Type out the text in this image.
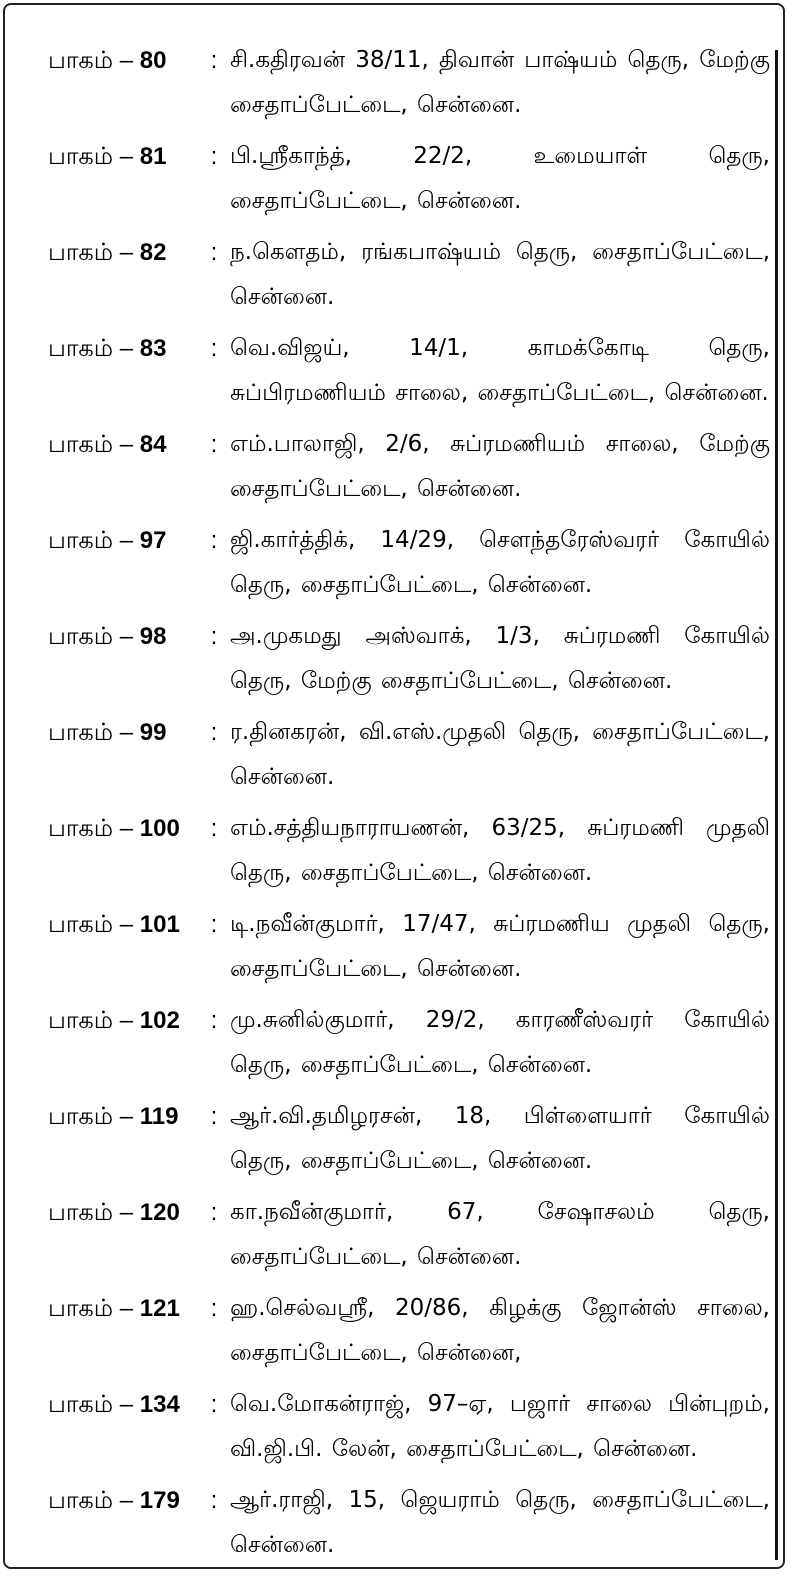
பாகம் – 80	: சி.கதிரவன் 38/11, திவான் பாஷ்யம் தெரு, மேற்கு சைதாப்பேட்டை, சென்னை.
பாகம் – 81	: பி.ஸ்ரீகாந்த், 22/2, உமையாள் தெரு, சைதாப்பேட்டை, சென்னை.
பாகம் – 82	: ந.கௌதம், ரங்கபாஷ்யம் தெரு, சைதாப்பேட்டை, சென்னை.
பாகம் – 83	: வெ.விஜய், 14/1, காமக்கோடி தெரு, சுப்பிரமணியம் சாலை, சைதாப்பேட்டை, சென்னை.
பாகம் – 84	: எம்.பாலாஜி, 2/6, சுப்ரமணியம் சாலை, மேற்கு சைதாப்பேட்டை, சென்னை.
பாகம் – 97	: ஜி.கார்த்திக், 14/29, சௌந்தரேஸ்வரர் கோயில் தெரு, சைதாப்பேட்டை, சென்னை.
பாகம் – 98	: அ.முகமது அஸ்வாக், 1/3, சுப்ரமணி கோயில் தெரு, மேற்கு சைதாப்பேட்டை, சென்னை.
பாகம் – 99	: ர.தினகரன், வி.எஸ்.முதலி தெரு, சைதாப்பேட்டை, சென்னை.
பாகம் – 100	: எம்.சத்தியநாராயணன், 63/25, சுப்ரமணி முதலி தெரு, சைதாப்பேட்டை, சென்னை.
பாகம் – 101	: டி.நவீன்குமார், 17/47, சுப்ரமணிய முதலி தெரு, சைதாப்பேட்டை, சென்னை.
பாகம் – 102	: மு.சுனில்குமார், 29/2, காரணீஸ்வரர் கோயில் தெரு, சைதாப்பேட்டை, சென்னை.
பாகம் – 119	: ஆர்.வி.தமிழரசன், 18, பிள்ளையார் கோயில் தெரு, சைதாப்பேட்டை, சென்னை.
பாகம் – 120	: கா.நவீன்குமார், 67, சேஷாசலம் தெரு, சைதாப்பேட்டை, சென்னை.
பாகம் – 121	: ஹ.செல்வஸ்ரீ, 20/86, கிழக்கு ஜோன்ஸ் சாலை, சைதாப்பேட்டை, சென்னை,
பாகம் – 134	: வெ.மோகன்ராஜ், 97–ஏ, பஜார் சாலை பின்புறம், வி.ஜி.பி. லேன், சைதாப்பேட்டை, சென்னை.
பாகம் – 179	: ஆர்.ராஜி, 15, ஜெயராம் தெரு, சைதாப்பேட்டை, சென்னை.
